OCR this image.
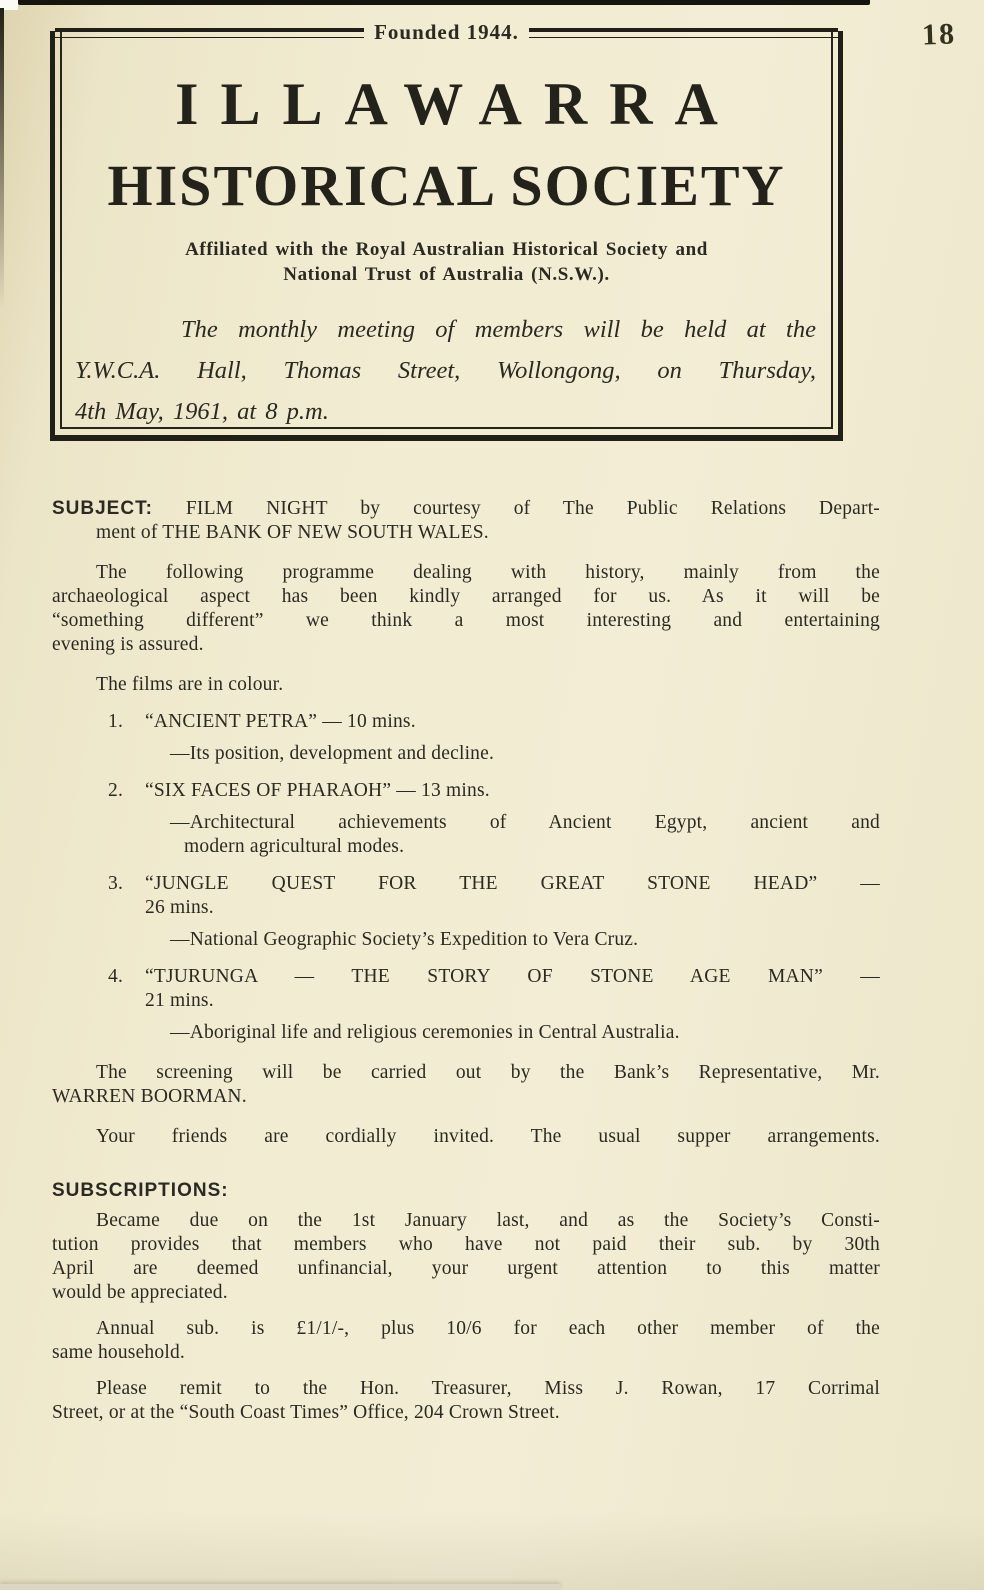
18
Founded 1944.
ILLAWARRA
HISTORICAL SOCIETY
Affiliated with the Royal Australian Historical Society and
National Trust of Australia (N.S.W.).
The monthly meeting of members will be held at the
Y.W.C.A. Hall, Thomas Street, Wollongong, on Thursday,
4th May, 1961, at 8 p.m.
SUBJECT: FILM NIGHT by courtesy of The Public Relations Depart-
ment of THE BANK OF NEW SOUTH WALES.
The following programme dealing with history, mainly from the
archaeological aspect has been kindly arranged for us. As it will be
“something different” we think a most interesting and entertaining
evening is assured.
The films are in colour.
1. “ANCIENT PETRA” — 10 mins.
—Its position, development and decline.
2. “SIX FACES OF PHARAOH” — 13 mins.
—Architectural achievements of Ancient Egypt, ancient and
modern agricultural modes.
3. “JUNGLE QUEST FOR THE GREAT STONE HEAD” —
26 mins.
—National Geographic Society’s Expedition to Vera Cruz.
4. “TJURUNGA — THE STORY OF STONE AGE MAN” —
21 mins.
—Aboriginal life and religious ceremonies in Central Australia.
The screening will be carried out by the Bank’s Representative, Mr.
WARREN BOORMAN.
Your friends are cordially invited. The usual supper arrangements.
SUBSCRIPTIONS:
Became due on the 1st January last, and as the Society’s Consti-
tution provides that members who have not paid their sub. by 30th
April are deemed unfinancial, your urgent attention to this matter
would be appreciated.
Annual sub. is £1/1/-, plus 10/6 for each other member of the
same household.
Please remit to the Hon. Treasurer, Miss J. Rowan, 17 Corrimal
Street, or at the “South Coast Times” Office, 204 Crown Street.
